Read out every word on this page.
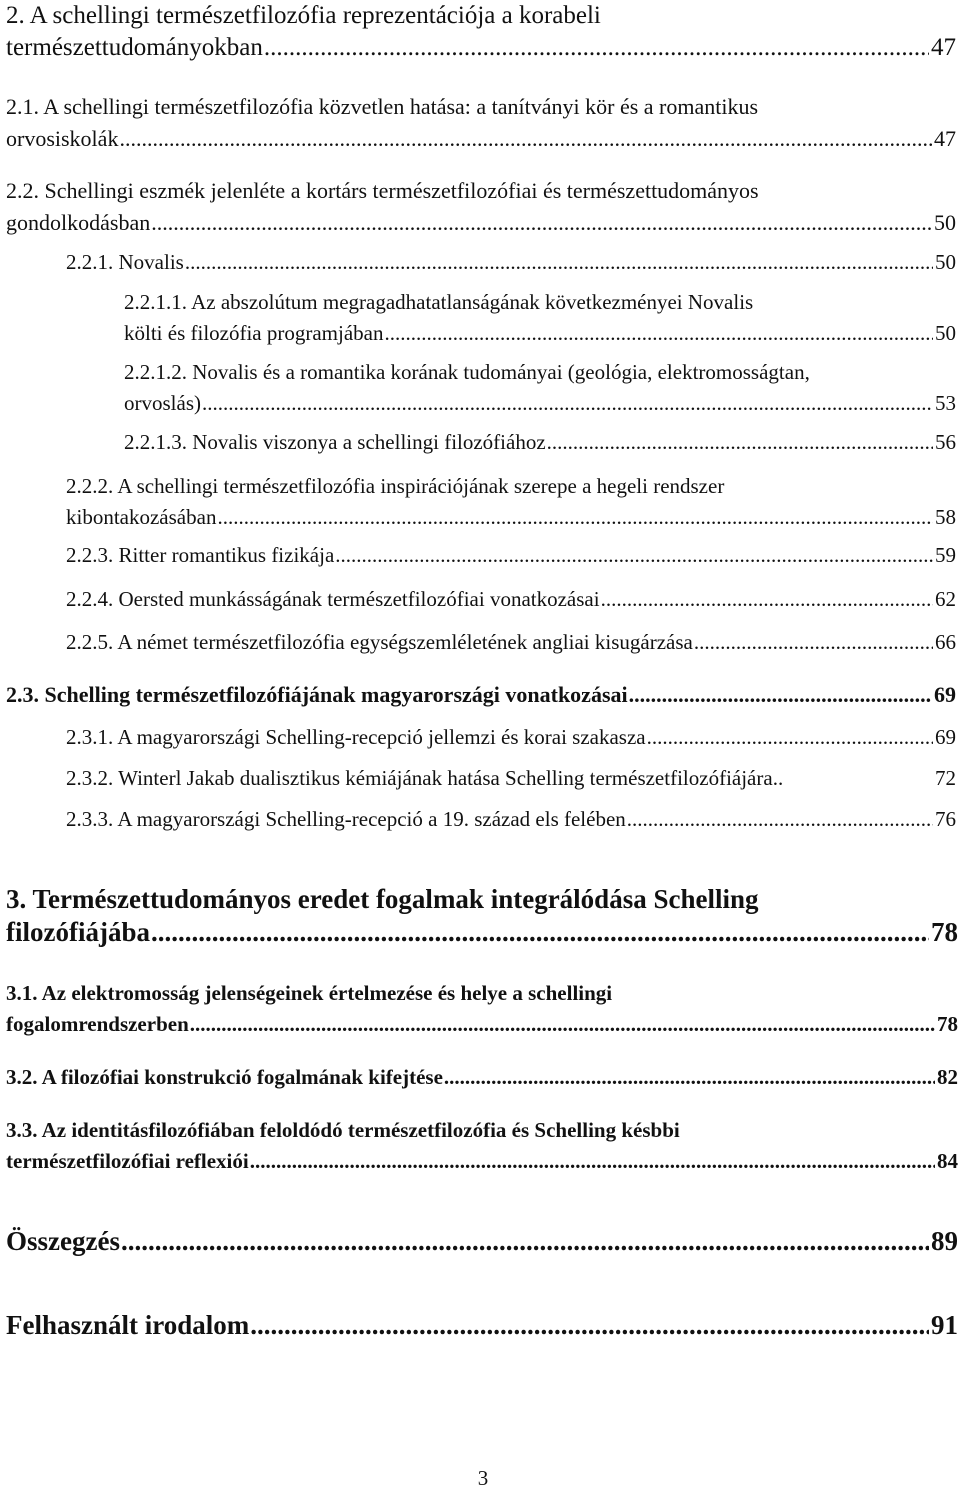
2. A schellingi természetfilozófia reprezentációja a korabeli
természettudományokban .....	47
2.1. A schellingi természetfilozófia közvetlen hatása: a tanítványi kör és a romantikus
orvosiskolák .....	47
2.2. Schellingi eszmék jelenléte a kortárs természetfilozófiai és természettudományos
gondolkodásban .....	50
2.2.1. Novalis .....	50
2.2.1.1. Az abszolútum megragadhatatlanságának következményei Novalis
költi és filozófia programjában .....	50
2.2.1.2. Novalis és a romantika korának tudományai (geológia, elektromosságtan,
orvoslás) .....	53
2.2.1.3. Novalis viszonya a schellingi filozófiához .....	56
2.2.2. A schellingi természetfilozófia inspirációjának szerepe a hegeli rendszer
kibontakozásában .....	58
2.2.3. Ritter romantikus fizikája .....	59
2.2.4. Oersted munkásságának természetfilozófiai vonatkozásai .....	62
2.2.5. A német természetfilozófia egységszemléletének angliai kisugárzása .....	66
2.3. Schelling természetfilozófiájának magyarországi vonatkozásai .....	69
2.3.1. A magyarországi Schelling-recepció jellemzi és korai szakasza .....	69
2.3.2. Winterl Jakab dualisztikus kémiájának hatása Schelling természetfilozófiájára..	72
2.3.3. A magyarországi Schelling-recepció a 19. század els felében .....	76
3. Természettudományos eredet fogalmak integrálódása Schelling
filozófiájába .....	78
3.1. Az elektromosság jelenségeinek értelmezése és helye a schellingi
fogalomrendszerben .....	78
3.2. A filozófiai konstrukció fogalmának kifejtése .....	82
3.3. Az identitásfilozófiában feloldódó természetfilozófia és Schelling késbbi
természetfilozófiai reflexiói .....	84
Összegzés .....	89
Felhasznált irodalom .....	91
3
